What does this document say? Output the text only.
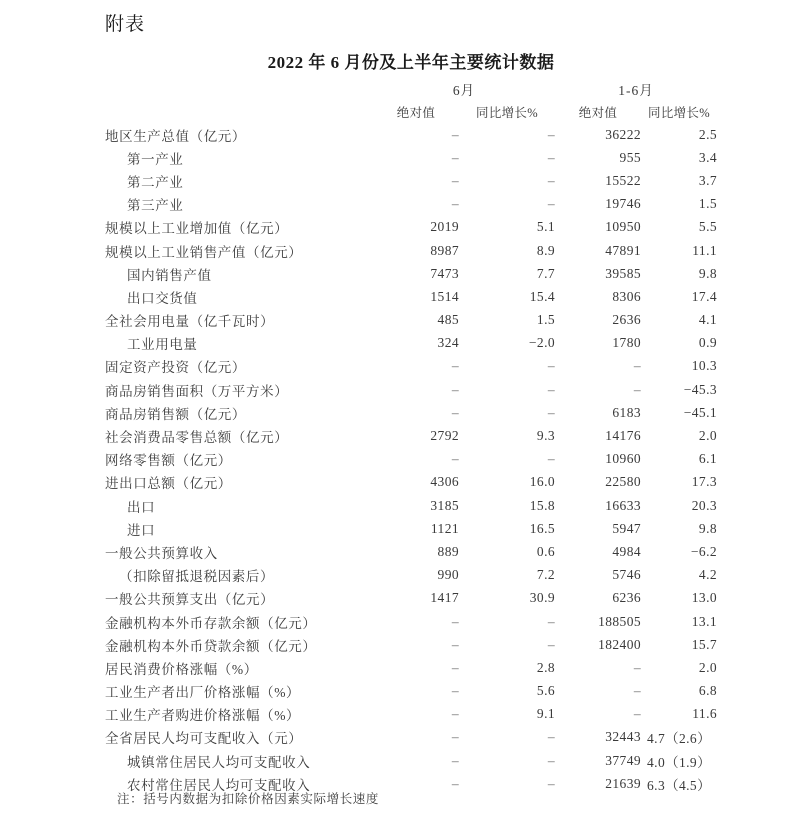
附表
2022 年 6 月份及上半年主要统计数据
	6月		1-6月	
	绝对值	同比增长%	绝对值	同比增长%
地区生产总值（亿元）	–	–	36222	2.5
第一产业	–	–	955	3.4
第二产业	–	–	15522	3.7
第三产业	–	–	19746	1.5
规模以上工业增加值（亿元）	2019	5.1	10950	5.5
规模以上工业销售产值（亿元）	8987	8.9	47891	11.1
国内销售产值	7473	7.7	39585	9.8
出口交货值	1514	15.4	8306	17.4
全社会用电量（亿千瓦时）	485	1.5	2636	4.1
工业用电量	324	−2.0	1780	0.9
固定资产投资（亿元）	–	–	–	10.3
商品房销售面积（万平方米）	–	–	–	−45.3
商品房销售额（亿元）	–	–	6183	−45.1
社会消费品零售总额（亿元）	2792	9.3	14176	2.0
网络零售额（亿元）	–	–	10960	6.1
进出口总额（亿元）	4306	16.0	22580	17.3
出口	3185	15.8	16633	20.3
进口	1121	16.5	5947	9.8
一般公共预算收入	889	0.6	4984	−6.2
（扣除留抵退税因素后）	990	7.2	5746	4.2
一般公共预算支出（亿元）	1417	30.9	6236	13.0
金融机构本外币存款余额（亿元）	–	–	188505	13.1
金融机构本外币贷款余额（亿元）	–	–	182400	15.7
居民消费价格涨幅（%）	–	2.8	–	2.0
工业生产者出厂价格涨幅（%）	–	5.6	–	6.8
工业生产者购进价格涨幅（%）	–	9.1	–	11.6
全省居民人均可支配收入（元）	–	–	32443	4.7（2.6）
城镇常住居民人均可支配收入	–	–	37749	4.0（1.9）
农村常住居民人均可支配收入	–	–	21639	6.3（4.5）
注：括号内数据为扣除价格因素实际增长速度
